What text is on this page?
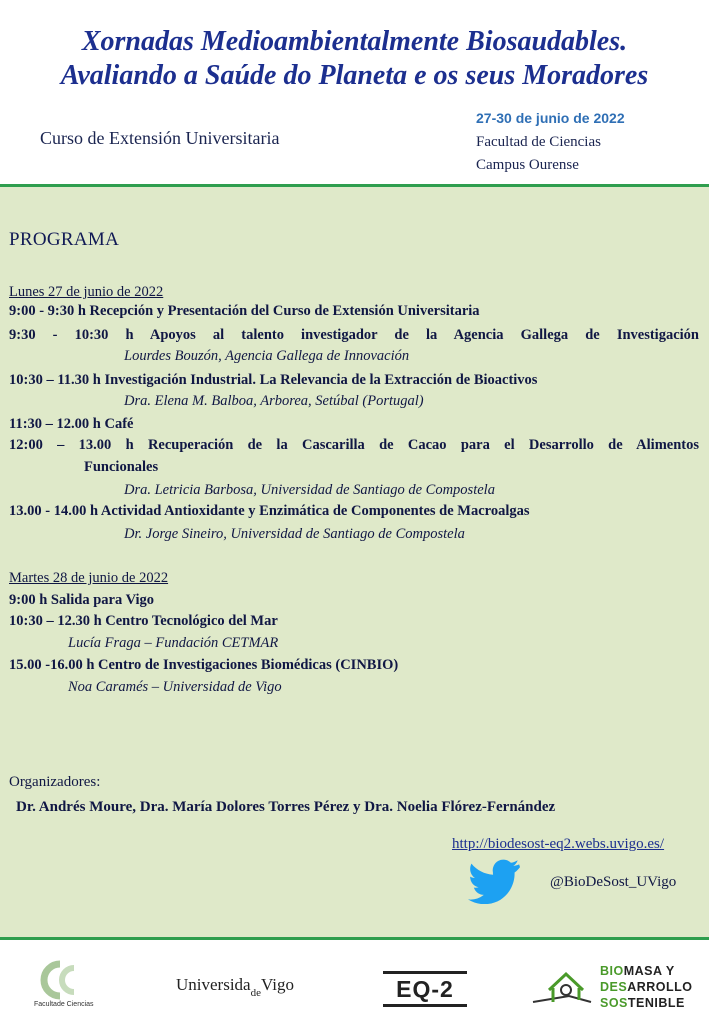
Xornadas Medioambientalmente Biosaudables.
Avaliando a Saúde do Planeta e os seus Moradores
Curso de Extensión Universitaria
27-30 de junio de 2022
Facultad de Ciencias
Campus Ourense
PROGRAMA
Lunes 27 de junio de 2022
9:00 - 9:30 h Recepción y Presentación del Curso de Extensión Universitaria
9:30 - 10:30 h Apoyos al talento investigador de la Agencia Gallega de Investigación
Lourdes Bouzón, Agencia Gallega de Innovación
10:30 – 11.30 h Investigación Industrial. La Relevancia de la Extracción de Bioactivos
Dra. Elena M. Balboa, Arborea, Setúbal (Portugal)
11:30 – 12.00 h Café
12:00 – 13.00 h Recuperación de la Cascarilla de Cacao para el Desarrollo de Alimentos
Funcionales
Dra. Letricia Barbosa, Universidad de Santiago de Compostela
13.00 - 14.00 h Actividad Antioxidante y Enzimática de Componentes de Macroalgas
Dr. Jorge Sineiro, Universidad de Santiago de Compostela
Martes 28 de junio de 2022
9:00 h Salida para Vigo
10:30 – 12.30 h Centro Tecnológico del Mar
Lucía Fraga – Fundación CETMAR
15.00 -16.00 h Centro de Investigaciones Biomédicas (CINBIO)
Noa Caramés – Universidad de Vigo
Organizadores:
Dr. Andrés Moure, Dra. María Dolores Torres Pérez y Dra. Noelia Flórez-Fernández
http://biodesost-eq2.webs.uvigo.es/
@BioDeSost_UVigo
Facultade Ciencias
Universida$_{de}$Vigo	EQ-2
BIOMASA Y
DESARROLLO
SOSTENIBLE
